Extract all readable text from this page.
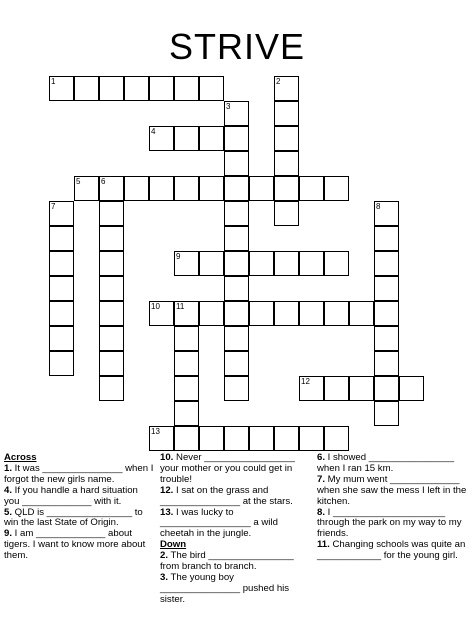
STRIVE
1	2
3
4
5	6
7	8
9
10 11
12
13
Across
1. It was _______________ when I forgot the new girls name.
4. If you handle a hard situation you _____________ with it.
5. QLD is ________________ to win the last State of Origin.
9. I am _____________ about tigers. I want to know more about them.
10. Never _________________ your mother or you could get in trouble!
12. I sat on the grass and _______________ at the stars.
13. I was lucky to _________________ a wild cheetah in the jungle.
Down
2. The bird ________________ from branch to branch.
3. The young boy _______________ pushed his sister.
6. I showed ________________ when I ran 15 km.
7. My mum went _____________ when she saw the mess I left in the kitchen.
8. I _____________________ through the park on my way to my friends.
11. Changing schools was quite an ____________ for the young girl.
